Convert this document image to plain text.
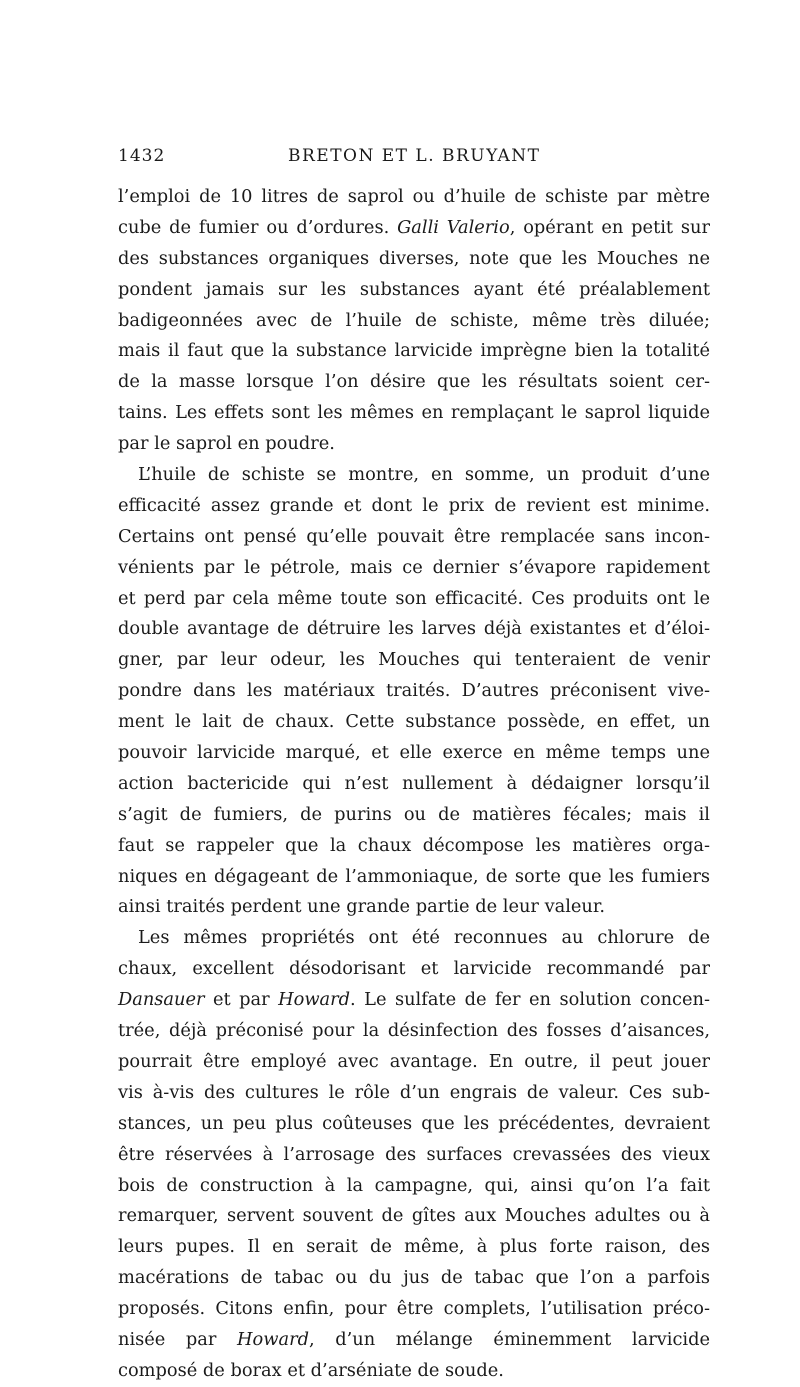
1432	BRETON ET L. BRUYANT
l’emploi de 10 litres de saprol ou d’huile de schiste par mètre
cube de fumier ou d’ordures. Galli Valerio, opérant en petit sur
des substances organiques diverses, note que les Mouches ne
pondent jamais sur les substances ayant été préalablement
badigeonnées avec de l’huile de schiste, même très diluée;
mais il faut que la substance larvicide imprègne bien la totalité
de la masse lorsque l’on désire que les résultats soient cer-
tains. Les effets sont les mêmes en remplaçant le saprol liquide
par le saprol en poudre.
L’huile de schiste se montre, en somme, un produit d’une
efficacité assez grande et dont le prix de revient est minime.
Certains ont pensé qu’elle pouvait être remplacée sans incon-
vénients par le pétrole, mais ce dernier s’évapore rapidement
et perd par cela même toute son efficacité. Ces produits ont le
double avantage de détruire les larves déjà existantes et d’éloi-
gner, par leur odeur, les Mouches qui tenteraient de venir
pondre dans les matériaux traités. D’autres préconisent vive-
ment le lait de chaux. Cette substance possède, en effet, un
pouvoir larvicide marqué, et elle exerce en même temps une
action bactericide qui n’est nullement à dédaigner lorsqu’il
s’agit de fumiers, de purins ou de matières fécales; mais il
faut se rappeler que la chaux décompose les matières orga-
niques en dégageant de l’ammoniaque, de sorte que les fumiers
ainsi traités perdent une grande partie de leur valeur.
Les mêmes propriétés ont été reconnues au chlorure de
chaux, excellent désodorisant et larvicide recommandé par
Dansauer et par Howard. Le sulfate de fer en solution concen-
trée, déjà préconisé pour la désinfection des fosses d’aisances,
pourrait être employé avec avantage. En outre, il peut jouer
vis à-vis des cultures le rôle d’un engrais de valeur. Ces sub-
stances, un peu plus coûteuses que les précédentes, devraient
être réservées à l’arrosage des surfaces crevassées des vieux
bois de construction à la campagne, qui, ainsi qu’on l’a fait
remarquer, servent souvent de gîtes aux Mouches adultes ou à
leurs pupes. Il en serait de même, à plus forte raison, des
macérations de tabac ou du jus de tabac que l’on a parfois
proposés. Citons enfin, pour être complets, l’utilisation préco-
nisée par Howard, d’un mélange éminemment larvicide
composé de borax et d’arséniate de soude.
